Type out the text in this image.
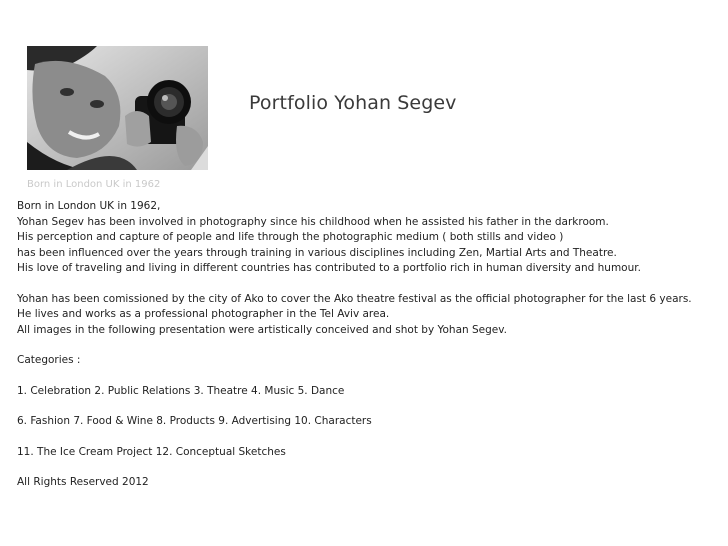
Portfolio Yohan Segev
Born in London UK in 1962

Born in London UK in 1962,

Yohan Segev has been involved in photography since his childhood when he assisted his father in the darkroom.

His perception and capture of people and life through the photographic medium ( both stills and video )

has been influenced over the years through training in various disciplines including Zen, Martial Arts and Theatre.

His love of traveling and living in different countries has contributed to a portfolio rich in human diversity and humour.

Yohan has been comissioned by the city of Ako to cover the Ako theatre festival as the official photographer for the last 6 years.

He lives and works as a professional photographer in the Tel Aviv area.

All images in the following presentation were artistically conceived and shot by Yohan Segev.

Categories :

1. Celebration 2. Public Relations 3. Theatre 4. Music 5. Dance

6. Fashion 7. Food & Wine 8. Products 9. Advertising 10. Characters

11. The Ice Cream Project 12. Conceptual Sketches

All Rights Reserved 2012
